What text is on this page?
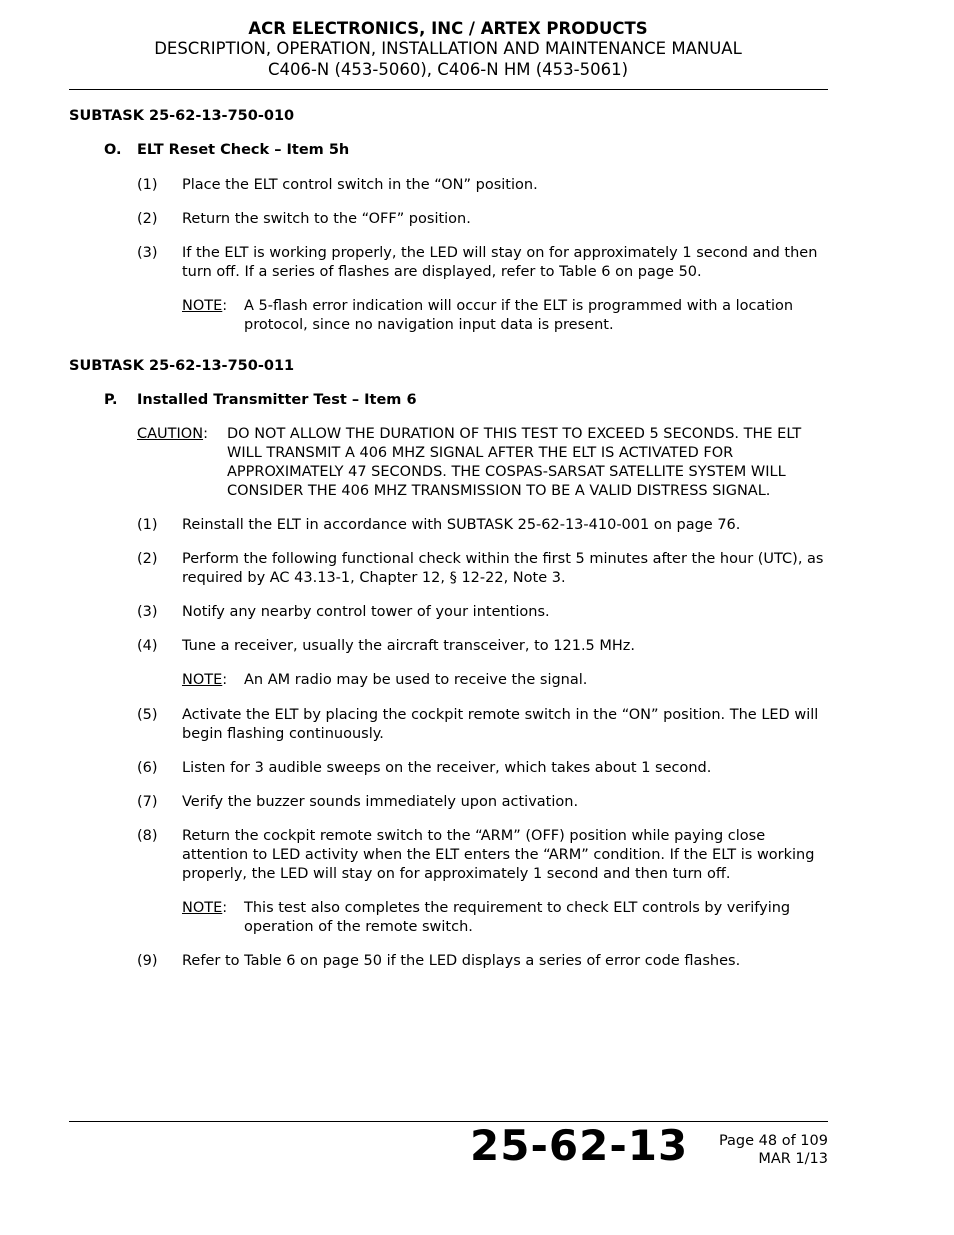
ACR ELECTRONICS, INC / ARTEX PRODUCTS
DESCRIPTION, OPERATION, INSTALLATION AND MAINTENANCE MANUAL
C406-N (453-5060), C406-N HM (453-5061)
SUBTASK 25-62-13-750-010
O. ELT Reset Check – Item 5h
(1) Place the ELT control switch in the “ON” position.
(2) Return the switch to the “OFF” position.
(3) If the ELT is working properly, the LED will stay on for approximately 1 second and then turn off. If a series of flashes are displayed, refer to Table 6 on page 50.
NOTE: A 5-flash error indication will occur if the ELT is programmed with a location protocol, since no navigation input data is present.
SUBTASK 25-62-13-750-011
P. Installed Transmitter Test – Item 6
CAUTION: DO NOT ALLOW THE DURATION OF THIS TEST TO EXCEED 5 SECONDS. THE ELT WILL TRANSMIT A 406 MHZ SIGNAL AFTER THE ELT IS ACTIVATED FOR APPROXIMATELY 47 SECONDS. THE COSPAS-SARSAT SATELLITE SYSTEM WILL CONSIDER THE 406 MHZ TRANSMISSION TO BE A VALID DISTRESS SIGNAL.
(1) Reinstall the ELT in accordance with SUBTASK 25-62-13-410-001 on page 76.
(2) Perform the following functional check within the first 5 minutes after the hour (UTC), as required by AC 43.13-1, Chapter 12, § 12-22, Note 3.
(3) Notify any nearby control tower of your intentions.
(4) Tune a receiver, usually the aircraft transceiver, to 121.5 MHz.
NOTE: An AM radio may be used to receive the signal.
(5) Activate the ELT by placing the cockpit remote switch in the “ON” position. The LED will begin flashing continuously.
(6) Listen for 3 audible sweeps on the receiver, which takes about 1 second.
(7) Verify the buzzer sounds immediately upon activation.
(8) Return the cockpit remote switch to the “ARM” (OFF) position while paying close attention to LED activity when the ELT enters the “ARM” condition. If the ELT is working properly, the LED will stay on for approximately 1 second and then turn off.
NOTE: This test also completes the requirement to check ELT controls by verifying operation of the remote switch.
(9) Refer to Table 6 on page 50 if the LED displays a series of error code flashes.
25-62-13 Page 48 of 109
MAR 1/13
